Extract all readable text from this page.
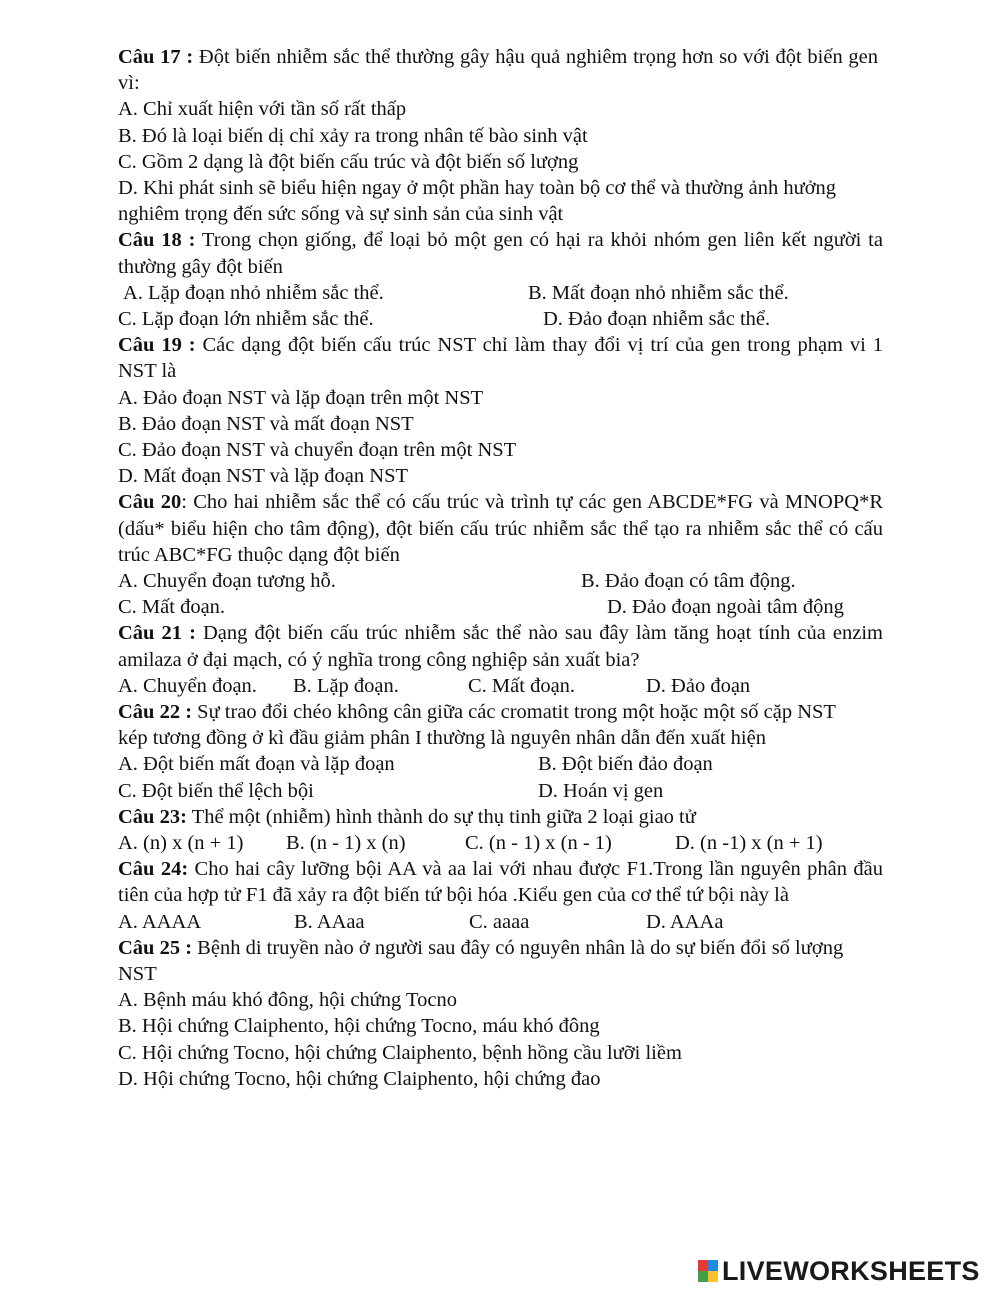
Câu 17 : Đột biến nhiễm sắc thể thường gây hậu quả nghiêm trọng hơn so với đột biến gen vì:
A. Chỉ xuất hiện với tần số rất thấp
B. Đó là loại biến dị chỉ xảy ra trong nhân tế bào sinh vật
C. Gồm 2 dạng là đột biến cấu trúc và đột biến số lượng
D. Khi phát sinh sẽ biểu hiện ngay ở một phần hay toàn bộ cơ thể và thường ảnh hưởng nghiêm trọng đến sức sống và sự sinh sản của sinh vật
Câu 18 : Trong chọn giống, để loại bỏ một gen có hại ra khỏi nhóm gen liên kết người ta thường gây đột biến
A. Lặp đoạn nhỏ nhiễm sắc thể.	B. Mất đoạn nhỏ nhiễm sắc thể.
C. Lặp đoạn lớn nhiễm sắc thể.	D. Đảo đoạn nhiễm sắc thể.
Câu 19 : Các dạng đột biến cấu trúc NST chỉ làm thay đổi vị trí của gen trong phạm vi 1 NST là
A. Đảo đoạn NST và lặp đoạn trên một NST
B. Đảo đoạn NST và mất đoạn NST
C. Đảo đoạn NST và chuyển đoạn trên một NST
D. Mất đoạn NST và lặp đoạn NST
Câu 20: Cho hai nhiễm sắc thể có cấu trúc và trình tự các gen ABCDE*FG và MNOPQ*R (dấu* biểu hiện cho tâm động), đột biến cấu trúc nhiễm sắc thể tạo ra nhiễm sắc thể có cấu trúc ABC*FG thuộc dạng đột biến
A. Chuyển đoạn tương hỗ.	B. Đảo đoạn có tâm động.
C. Mất đoạn.	D. Đảo đoạn ngoài tâm động
Câu 21 : Dạng đột biến cấu trúc nhiễm sắc thể nào sau đây làm tăng hoạt tính của enzim amilaza ở đại mạch, có ý nghĩa trong công nghiệp sản xuất bia?
A. Chuyển đoạn. B. Lặp đoạn.	C. Mất đoạn.	D. Đảo đoạn
Câu 22 : Sự trao đổi chéo không cân giữa các cromatit trong một hoặc một số cặp NST kép tương đồng ở kì đầu giảm phân I thường là nguyên nhân dẫn đến xuất hiện
A. Đột biến mất đoạn và lặp đoạn	B. Đột biến đảo đoạn
C. Đột biến thể lệch bội	D. Hoán vị gen
Câu 23: Thể một (nhiễm) hình thành do sự thụ tinh giữa 2 loại giao tử
A. (n) x (n + 1) B. (n - 1) x (n)	C. (n - 1) x (n - 1)	D. (n -1) x (n + 1)
Câu 24: Cho hai cây lưỡng bội AA và aa lai với nhau được F1.Trong lần nguyên phân đầu tiên của hợp tử F1 đã xảy ra đột biến tứ bội hóa .Kiểu gen của cơ thể tứ bội này là
A. AAAA	B. AAaa	C. aaaa	D. AAAa
Câu 25 : Bệnh di truyền nào ở người sau đây có nguyên nhân là do sự biến đổi số lượng NST
A. Bệnh máu khó đông, hội chứng Tocno
B. Hội chứng Claiphento, hội chứng Tocno, máu khó đông
C. Hội chứng Tocno, hội chứng Claiphento, bệnh hồng cầu lưỡi liềm
D. Hội chứng Tocno, hội chứng Claiphento, hội chứng đao
LIVEWORKSHEETS
